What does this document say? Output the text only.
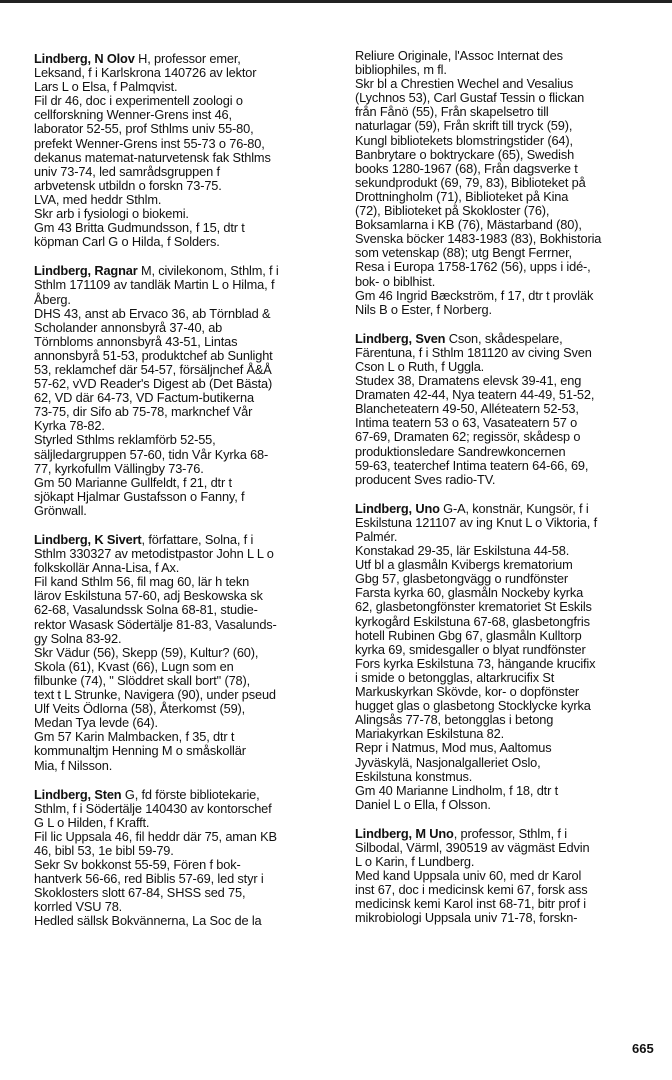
Lindberg, N Olov H, professor emer,
Leksand, f i Karlskrona 140726 av lektor
Lars L o Elsa, f Palmqvist.
Fil dr 46, doc i experimentell zoologi o
cellforskning Wenner-Grens inst 46,
laborator 52-55, prof Sthlms univ 55-80,
prefekt Wenner-Grens inst 55-73 o 76-80,
dekanus matemat-naturvetensk fak Sthlms
univ 73-74, led samrådsgruppen f
arbvetensk utbildn o forskn 73-75.
LVA, med heddr Sthlm.
Skr arb i fysiologi o biokemi.
Gm 43 Britta Gudmundsson, f 15, dtr t
köpman Carl G o Hilda, f Solders.
Lindberg, Ragnar M, civilekonom, Sthlm, f i
Sthlm 171109 av tandläk Martin L o Hilma, f
Åberg.
DHS 43, anst ab Ervaco 36, ab Törnblad &
Scholander annonsbyrå 37-40, ab
Törnbloms annonsbyrå 43-51, Lintas
annonsbyrå 51-53, produktchef ab Sunlight
53, reklamchef där 54-57, försäljnchef Å&Å
57-62, vVD Reader's Digest ab (Det Bästa)
62, VD där 64-73, VD Factum-butikerna
73-75, dir Sifo ab 75-78, marknchef Vår
Kyrka 78-82.
Styrled Sthlms reklamförb 52-55,
säljledargruppen 57-60, tidn Vår Kyrka 68-
77, kyrkofullm Vällingby 73-76.
Gm 50 Marianne Gullfeldt, f 21, dtr t
sjökapt Hjalmar Gustafsson o Fanny, f
Grönwall.
Lindberg, K Sivert, författare, Solna, f i
Sthlm 330327 av metodistpastor John L L o
folkskollär Anna-Lisa, f Ax.
Fil kand Sthlm 56, fil mag 60, lär h tekn
lärov Eskilstuna 57-60, adj Beskowska sk
62-68, Vasalundssk Solna 68-81, studie-
rektor Wasask Södertälje 81-83, Vasalunds-
gy Solna 83-92.
Skr Vädur (56), Skepp (59), Kultur? (60),
Skola (61), Kvast (66), Lugn som en
filbunke (74), " Slöddret skall bort" (78),
text t L Strunke, Navigera (90), under pseud
Ulf Veits Ödlorna (58), Återkomst (59),
Medan Tya levde (64).
Gm 57 Karin Malmbacken, f 35, dtr t
kommunaltjm Henning M o småskollär
Mia, f Nilsson.
Lindberg, Sten G, fd förste bibliotekarie,
Sthlm, f i Södertälje 140430 av kontorschef
G L o Hilden, f Krafft.
Fil lic Uppsala 46, fil heddr där 75, aman KB
46, bibl 53, 1e bibl 59-79.
Sekr Sv bokkonst 55-59, Fören f bok-
hantverk 56-66, red Biblis 57-69, led styr i
Skoklosters slott 67-84, SHSS sed 75,
korrled VSU 78.
Hedled sällsk Bokvännerna, La Soc de la
Reliure Originale, l'Assoc Internat des
bibliophiles, m fl.
Skr bl a Chrestien Wechel and Vesalius
(Lychnos 53), Carl Gustaf Tessin o flickan
från Fånö (55), Från skapelsetro till
naturlagar (59), Från skrift till tryck (59),
Kungl bibliotekets blomstringstider (64),
Banbrytare o boktryckare (65), Swedish
books 1280-1967 (68), Från dagsverke t
sekundprodukt (69, 79, 83), Biblioteket på
Drottningholm (71), Biblioteket på Kina
(72), Biblioteket på Skokloster (76),
Boksamlarna i KB (76), Mästarband (80),
Svenska böcker 1483-1983 (83), Bokhistoria
som vetenskap (88); utg Bengt Ferrner,
Resa i Europa 1758-1762 (56), upps i idé-,
bok- o biblhist.
Gm 46 Ingrid Bæckström, f 17, dtr t provläk
Nils B o Ester, f Norberg.
Lindberg, Sven Cson, skådespelare,
Färentuna, f i Sthlm 181120 av civing Sven
Cson L o Ruth, f Uggla.
Studex 38, Dramatens elevsk 39-41, eng
Dramaten 42-44, Nya teatern 44-49, 51-52,
Blancheteatern 49-50, Alléteatern 52-53,
Intima teatern 53 o 63, Vasateatern 57 o
67-69, Dramaten 62; regissör, skådesp o
produktionsledare Sandrewkoncernen
59-63, teaterchef Intima teatern 64-66, 69,
producent Sves radio-TV.
Lindberg, Uno G-A, konstnär, Kungsör, f i
Eskilstuna 121107 av ing Knut L o Viktoria, f
Palmér.
Konstakad 29-35, lär Eskilstuna 44-58.
Utf bl a glasmåln Kvibergs krematorium
Gbg 57, glasbetongvägg o rundfönster
Farsta kyrka 60, glasmåln Nockeby kyrka
62, glasbetongfönster krematoriet St Eskils
kyrkogård Eskilstuna 67-68, glasbetongfris
hotell Rubinen Gbg 67, glasmåln Kulltorp
kyrka 69, smidesgaller o blyat rundfönster
Fors kyrka Eskilstuna 73, hängande krucifix
i smide o betongglas, altarkrucifix St
Markuskyrkan Skövde, kor- o dopfönster
hugget glas o glasbetong Stocklycke kyrka
Alingsås 77-78, betongglas i betong
Mariakyrkan Eskilstuna 82.
Repr i Natmus, Mod mus, Aaltomus
Jyväskylä, Nasjonalgalleriet Oslo,
Eskilstuna konstmus.
Gm 40 Marianne Lindholm, f 18, dtr t
Daniel L o Ella, f Olsson.
Lindberg, M Uno, professor, Sthlm, f i
Silbodal, Värml, 390519 av vägmäst Edvin
L o Karin, f Lundberg.
Med kand Uppsala univ 60, med dr Karol
inst 67, doc i medicinsk kemi 67, forsk ass
medicinsk kemi Karol inst 68-71, bitr prof i
mikrobiologi Uppsala univ 71-78, forskn-
665
